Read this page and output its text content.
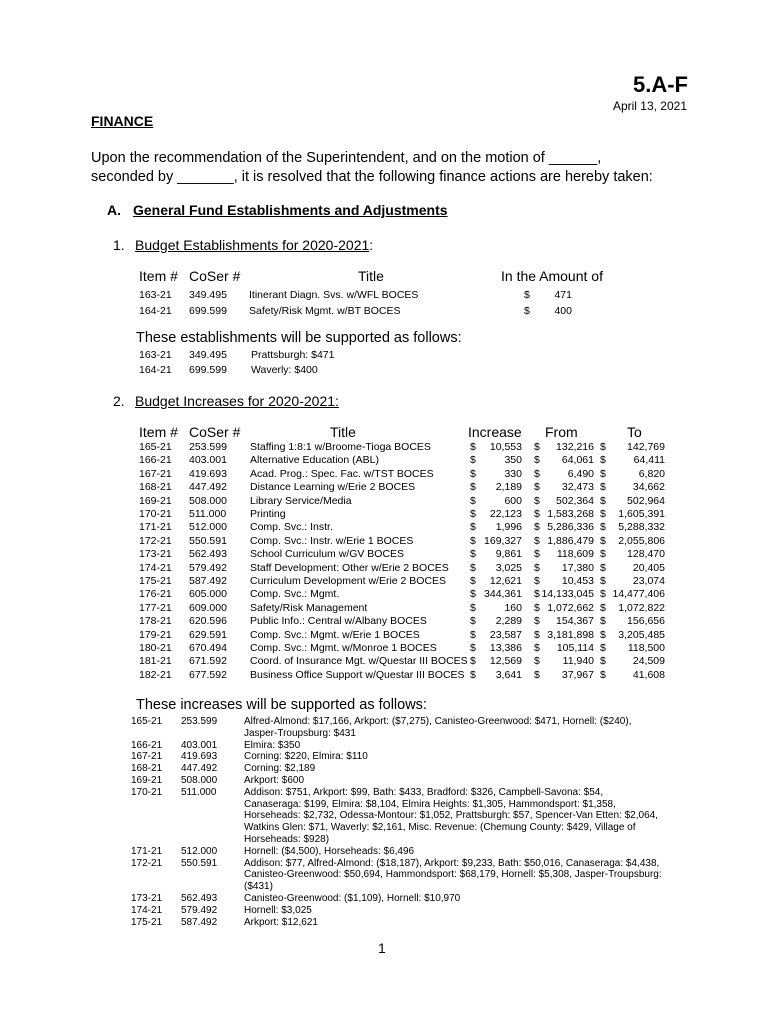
5.A-F
April 13, 2021
FINANCE
Upon the recommendation of the Superintendent, and on the motion of ______,
seconded by _______, it is resolved that the following finance actions are hereby taken:
A. General Fund Establishments and Adjustments
1. Budget Establishments for 2020-2021:
Item # CoSer #	Title	In the Amount of
163-21 349.495 Itinerant Diagn. Svs. w/WFL BOCES	$	471
164-21 699.599 Safety/Risk Mgmt. w/BT BOCES	$	400
These establishments will be supported as follows:
163-21 349.495 Prattsburgh: $471
164-21 699.599 Waverly: $400
2. Budget Increases for 2020-2021:
Item # CoSer #	Title	Increase From	To
165-21 253.599 Staffing 1:8:1 w/Broome-Tioga BOCES	$	10,553 $	132,216 $	142,769
166-21 403.001 Alternative Education (ABL)	$	350 $	64,061 $	64,411
167-21 419.693 Acad. Prog.: Spec. Fac. w/TST BOCES	$	330 $	6,490 $	6,820
168-21 447.492 Distance Learning w/Erie 2 BOCES	$	2,189 $	32,473 $	34,662
169-21 508.000 Library Service/Media	$	600 $	502,364 $	502,964
170-21 511.000 Printing	$	22,123 $ 1,583,268 $	1,605,391
171-21 512.000 Comp. Svc.: Instr.	$	1,996 $ 5,286,336 $	5,288,332
172-21 550.591 Comp. Svc.: Instr. w/Erie 1 BOCES	$ 169,327 $ 1,886,479 $	2,055,806
173-21 562.493 School Curriculum w/GV BOCES	$	9,861 $	118,609 $	128,470
174-21 579.492 Staff Development: Other w/Erie 2 BOCES $	3,025 $	17,380 $	20,405
175-21 587.492 Curriculum Development w/Erie 2 BOCES $	12,621 $	10,453 $	23,074
176-21 605.000 Comp. Svc.: Mgmt.	$ 344,361 $ 14,133,045 $ 14,477,406
177-21 609.000 Safety/Risk Management	$	160 $ 1,072,662 $	1,072,822
178-21 620.596 Public Info.: Central w/Albany BOCES	$	2,289 $	154,367 $	156,656
179-21 629.591 Comp. Svc.: Mgmt. w/Erie 1 BOCES	$	23,587 $ 3,181,898 $	3,205,485
180-21 670.494 Comp. Svc.: Mgmt. w/Monroe 1 BOCES	$	13,386 $	105,114 $	118,500
181-21 671.592 Coord. of Insurance Mgt. w/Questar III BOCES $	12,569 $	11,940 $	24,509
182-21 677.592 Business Office Support w/Questar III BOCES $	3,641 $	37,967 $	41,608
These increases will be supported as follows:
165-21 253.599	Alfred-Almond: $17,166, Arkport: ($7,275), Canisteo-Greenwood: $471, Hornell: ($240),
Jasper-Troupsburg: $431
166-21 403.001	Elmira: $350
167-21 419.693	Corning: $220, Elmira: $110
168-21 447.492	Corning: $2,189
169-21 508.000	Arkport: $600
170-21 511.000	Addison: $751, Arkport: $99, Bath: $433, Bradford: $326, Campbell-Savona: $54,
Canaseraga: $199, Elmira: $8,104, Elmira Heights: $1,305, Hammondsport: $1,358,
Horseheads: $2,732, Odessa-Montour: $1,052, Prattsburgh: $57, Spencer-Van Etten: $2,064,
Watkins Glen: $71, Waverly: $2,161, Misc. Revenue: (Chemung County: $429, Village of
Horseheads: $928)
171-21 512.000	Hornell: ($4,500), Horseheads: $6,496
172-21 550.591	Addison: $77, Alfred-Almond: ($18,187), Arkport: $9,233, Bath: $50,016, Canaseraga: $4,438,
Canisteo-Greenwood: $50,694, Hammondsport: $68,179, Hornell: $5,308, Jasper-Troupsburg:
($431)
173-21 562.493	Canisteo-Greenwood: ($1,109), Hornell: $10,970
174-21 579.492	Hornell: $3,025
175-21 587.492	Arkport: $12,621
1
